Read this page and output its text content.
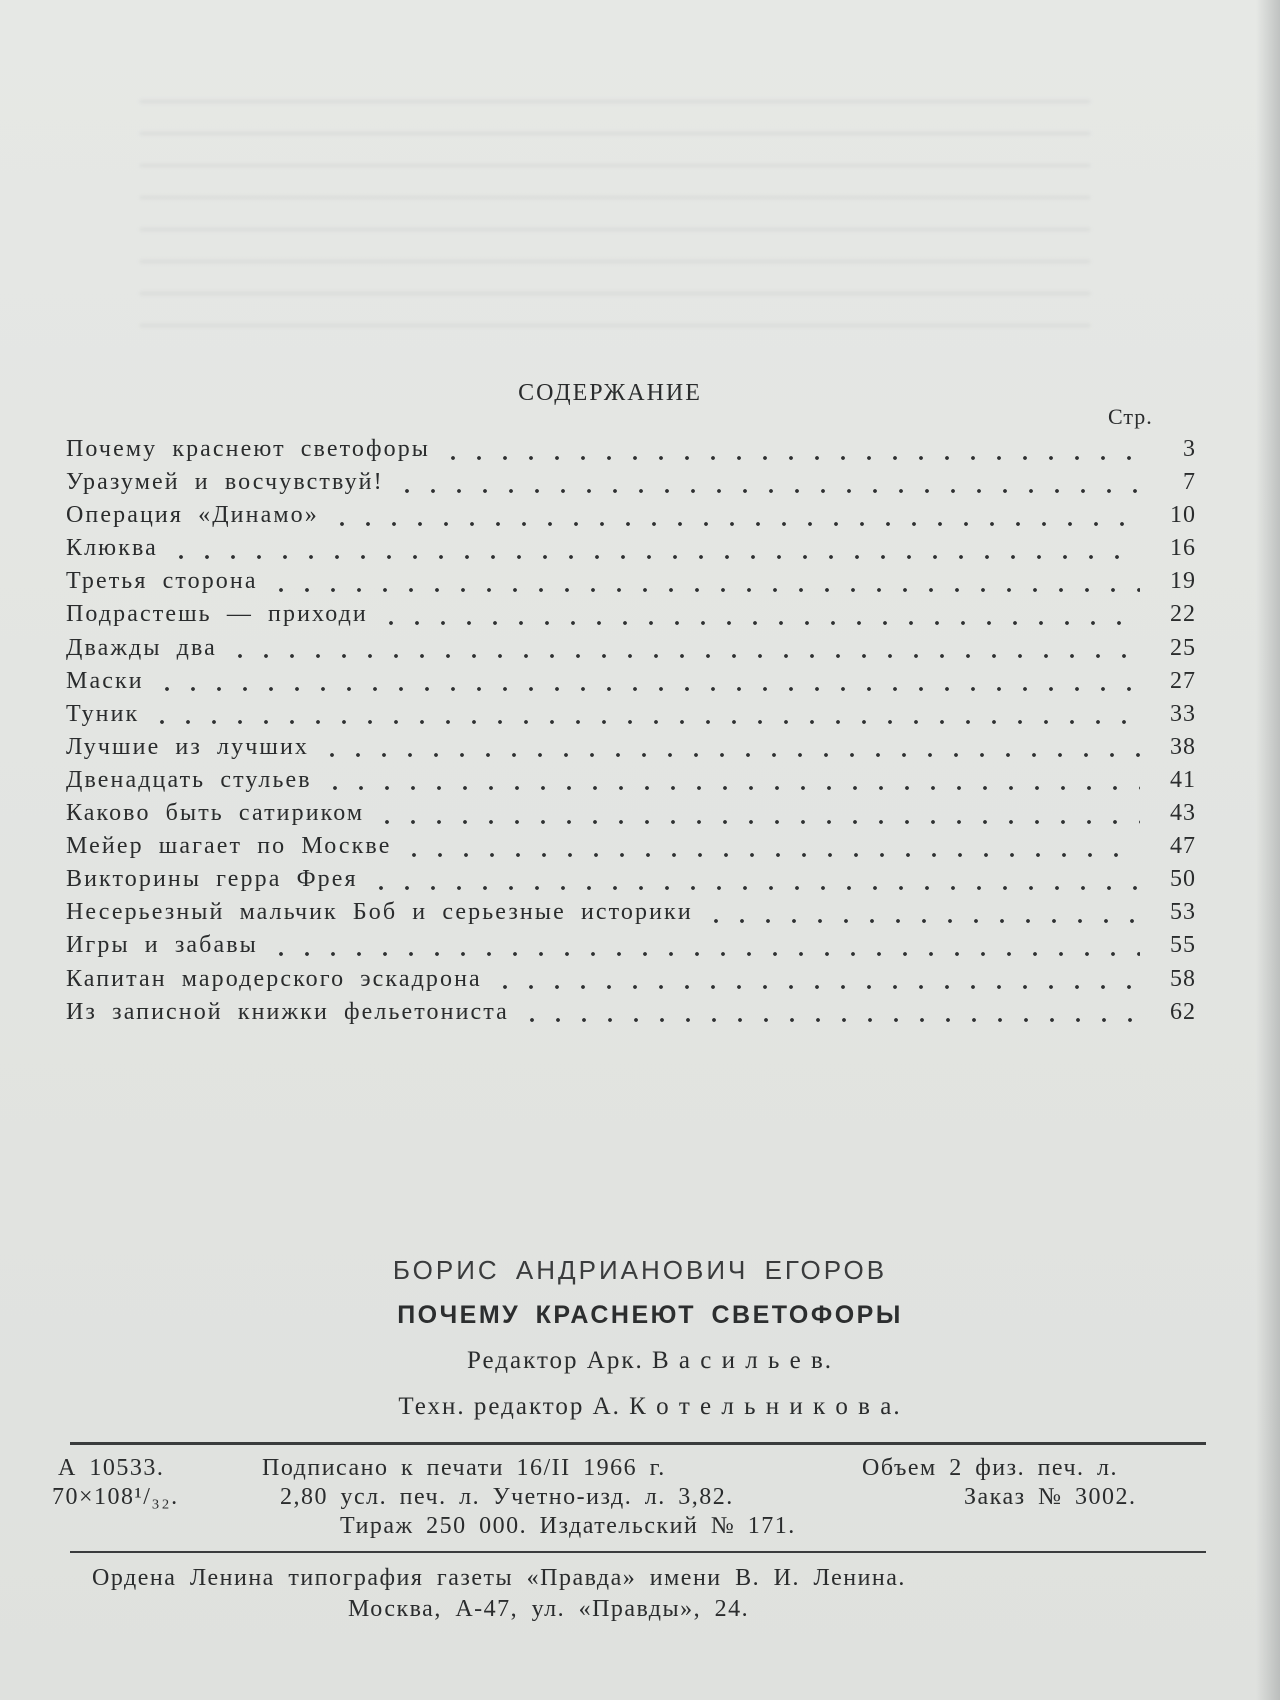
СОДЕРЖАНИЕ
Стр.
Почему краснеют светофоры	3
Уразумей и восчувствуй!	7
Операция «Динамо»	10
Клюква	16
Третья сторона	19
Подрастешь — приходи	22
Дважды два	25
Маски	27
Туник	33
Лучшие из лучших	38
Двенадцать стульев	41
Каково быть сатириком	43
Мейер шагает по Москве	47
Викторины герра Фрея	50
Несерьезный мальчик Боб и серьезные историки	53
Игры и забавы	55
Капитан мародерского эскадрона	58
Из записной книжки фельетониста	62
БОРИС АНДРИАНОВИЧ ЕГОРОВ
ПОЧЕМУ КРАСНЕЮТ СВЕТОФОРЫ
Редактор Арк. В а с и л ь е в.
Техн. редактор А. К о т е л ь н и к о в а.
А 10533.
70×108¹/₃₂.
Подписано к печати 16/II 1966 г.	Объем 2 физ. печ. л.
2,80 усл. печ. л. Учетно-изд. л. 3,82.	Заказ № 3002.
Тираж 250 000. Издательский № 171.
Ордена Ленина типография газеты «Правда» имени В. И. Ленина.
Москва, А-47, ул. «Правды», 24.
